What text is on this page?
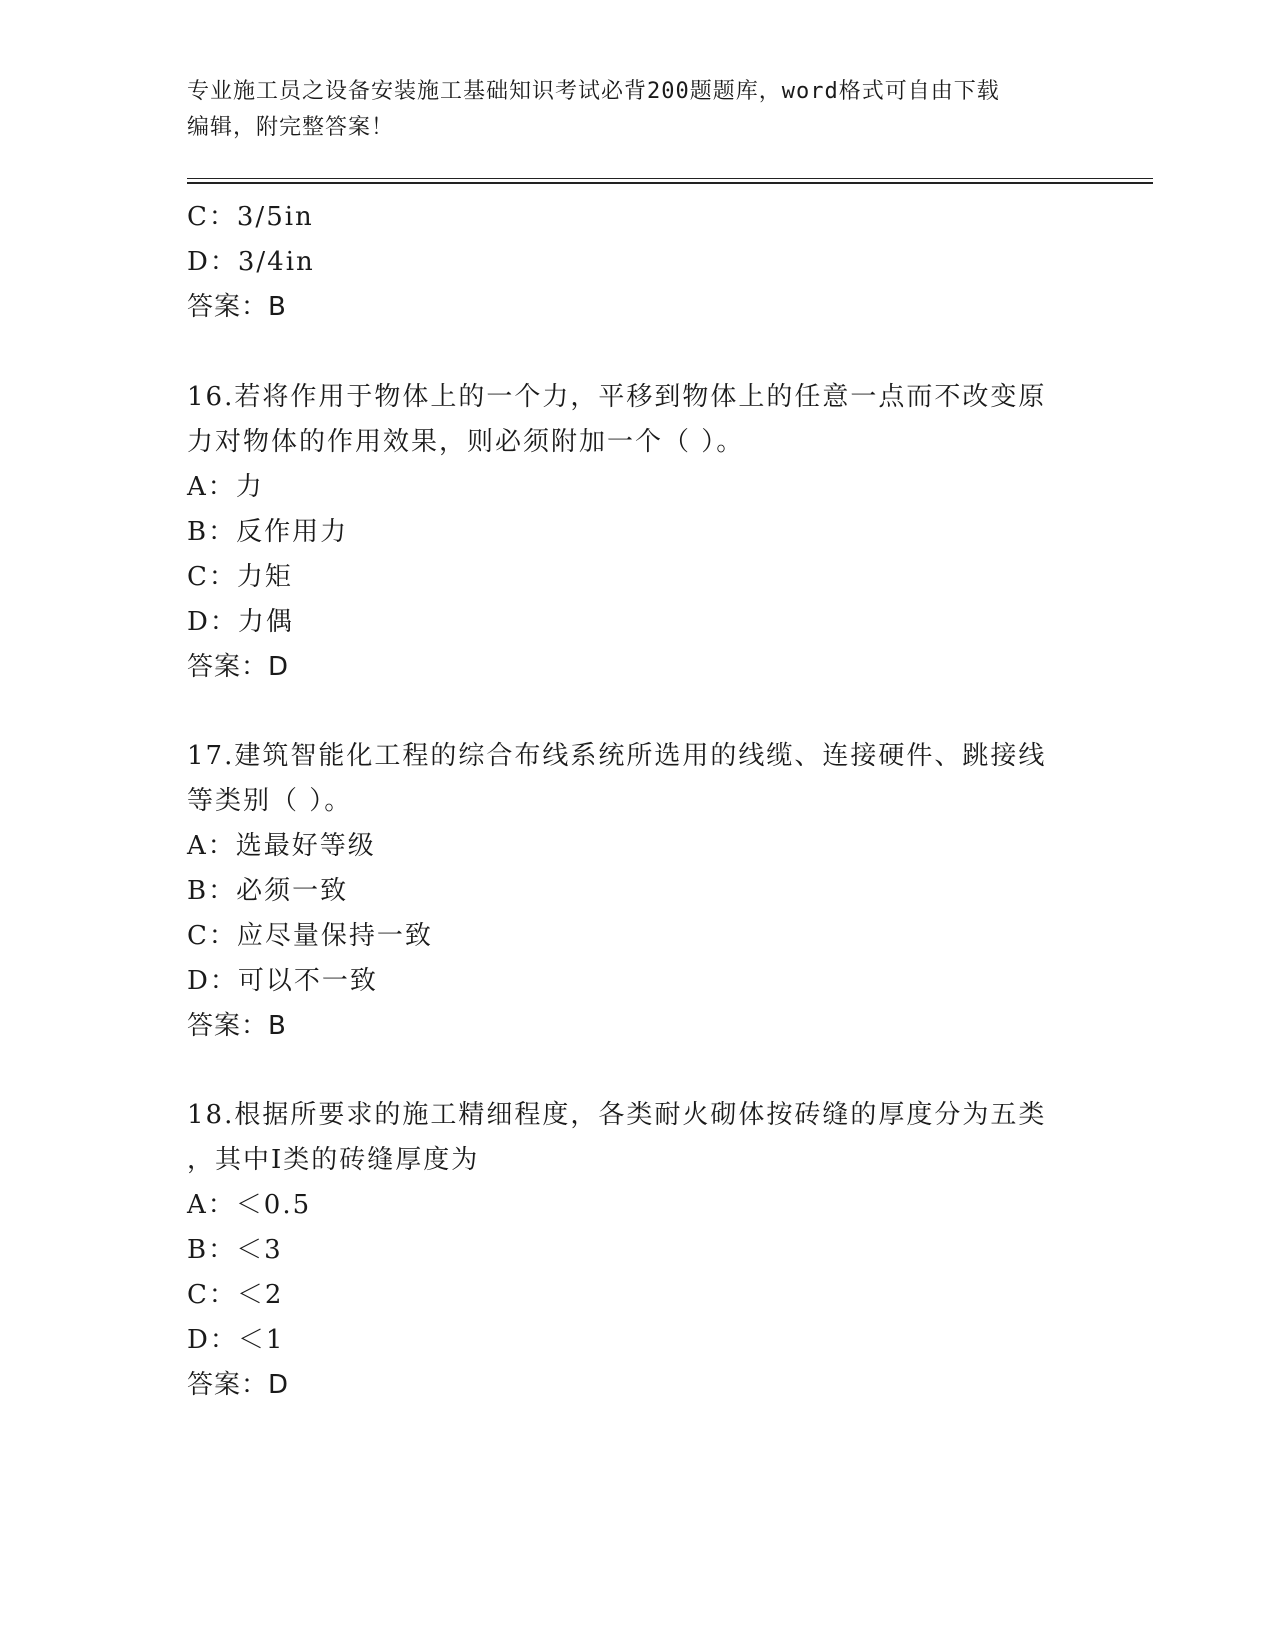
专业施工员之设备安装施工基础知识考试必背200题题库，word格式可自由下载
编辑，附完整答案！
C：3/5in
D：3/4in
答案：B
16.若将作用于物体上的一个力，平移到物体上的任意一点而不改变原
力对物体的作用效果，则必须附加一个（ ）。
A：力
B：反作用力
C：力矩
D：力偶
答案：D
17.建筑智能化工程的综合布线系统所选用的线缆、连接硬件、跳接线
等类别（ ）。
A：选最好等级
B：必须一致
C：应尽量保持一致
D：可以不一致
答案：B
18.根据所要求的施工精细程度，各类耐火砌体按砖缝的厚度分为五类
，其中Ⅰ类的砖缝厚度为
A：＜0.5
B：＜3
C：＜2
D：＜1
答案：D
